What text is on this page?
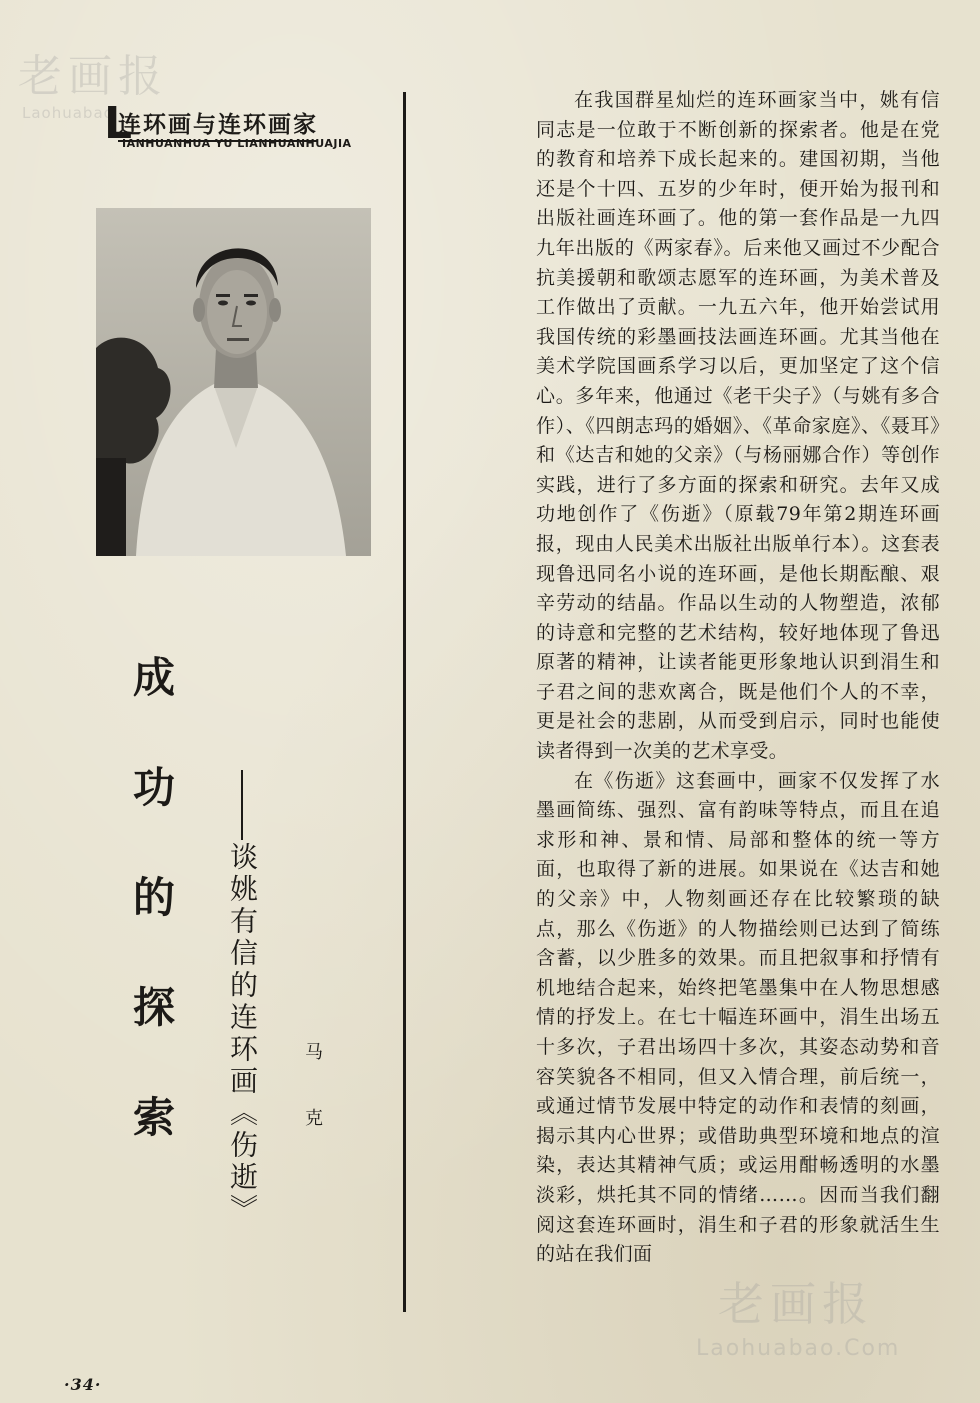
老画报
Laohuabao
L
连环画与连环画家
IANHUANHUA YU LIANHUANHUAJIA
成功的探索	谈姚有信的连环画《伤逝》 马克

在我国群星灿烂的连环画家当中，姚有信同志是一位敢于不断创新的探索者。他是在党的教育和培养下成长起来的。建国初期，当他还是个十四、五岁的少年时，便开始为报刊和出版社画连环画了。他的第一套作品是一九四九年出版的《两家春》。后来他又画过不少配合抗美援朝和歌颂志愿军的连环画，为美术普及工作做出了贡献。一九五六年，他开始尝试用我国传统的彩墨画技法画连环画。尤其当他在美术学院国画系学习以后，更加坚定了这个信心。多年来，他通过《老干尖子》（与姚有多合作）、《四朗志玛的婚姻》、《革命家庭》、《聂耳》和《达吉和她的父亲》（与杨丽娜合作）等创作实践，进行了多方面的探索和研究。去年又成功地创作了《伤逝》（原载79年第2期连环画报，现由人民美术出版社出版单行本）。这套表现鲁迅同名小说的连环画，是他长期酝酿、艰辛劳动的结晶。作品以生动的人物塑造，浓郁的诗意和完整的艺术结构，较好地体现了鲁迅原著的精神，让读者能更形象地认识到涓生和子君之间的悲欢离合，既是他们个人的不幸，更是社会的悲剧，从而受到启示，同时也能使读者得到一次美的艺术享受。

在《伤逝》这套画中，画家不仅发挥了水墨画简练、强烈、富有韵味等特点，而且在追求形和神、景和情、局部和整体的统一等方面，也取得了新的进展。如果说在《达吉和她的父亲》中，人物刻画还存在比较繁琐的缺点，那么《伤逝》的人物描绘则已达到了简练含蓄，以少胜多的效果。而且把叙事和抒情有机地结合起来，始终把笔墨集中在人物思想感情的抒发上。在七十幅连环画中，涓生出场五十多次，子君出场四十多次，其姿态动势和音容笑貌各不相同，但又入情合理，前后统一，或通过情节发展中特定的动作和表情的刻画，揭示其内心世界；或借助典型环境和地点的渲染，表达其精神气质；或运用酣畅透明的水墨淡彩，烘托其不同的情绪……。因而当我们翻阅这套连环画时，涓生和子君的形象就活生生的站在我们面

老画报
Laohuabao.Com
·34·
